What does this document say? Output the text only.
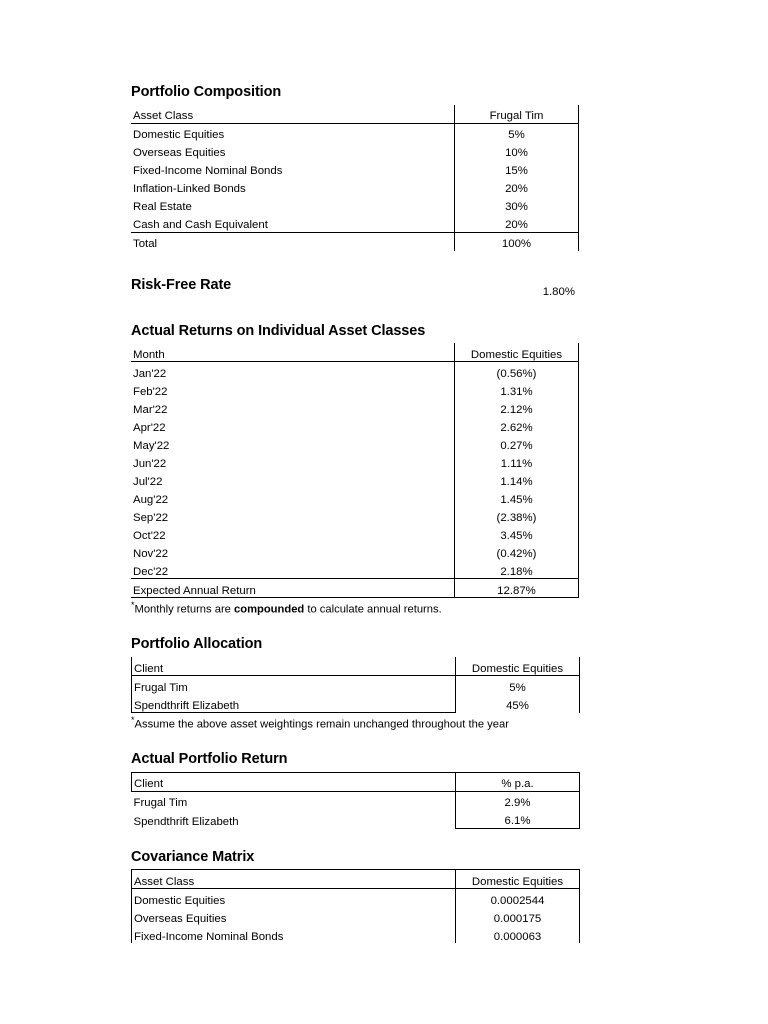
Portfolio Composition
Asset Class	Frugal Tim
Domestic Equities	5%
Overseas Equities	10%
Fixed-Income Nominal Bonds	15%
Inflation-Linked Bonds	20%
Real Estate	30%
Cash and Cash Equivalent	20%
Total	100%
Risk-Free Rate	1.80%
Actual Returns on Individual Asset Classes
Month	Domestic Equities
Jan'22	(0.56%)
Feb'22	1.31%
Mar'22	2.12%
Apr'22	2.62%
May'22	0.27%
Jun'22	1.11%
Jul'22	1.14%
Aug'22	1.45%
Sep'22	(2.38%)
Oct'22	3.45%
Nov'22	(0.42%)
Dec'22	2.18%
Expected Annual Return	12.87%
*Monthly returns are compounded to calculate annual returns.
Portfolio Allocation
Client	Domestic Equities
Frugal Tim	5%
Spendthrift Elizabeth	45%
*Assume the above asset weightings remain unchanged throughout the year
Actual Portfolio Return
Client	% p.a.
Frugal Tim	2.9%
Spendthrift Elizabeth	6.1%
Covariance Matrix
Asset Class	Domestic Equities
Domestic Equities	0.0002544
Overseas Equities	0.000175
Fixed-Income Nominal Bonds	0.000063
